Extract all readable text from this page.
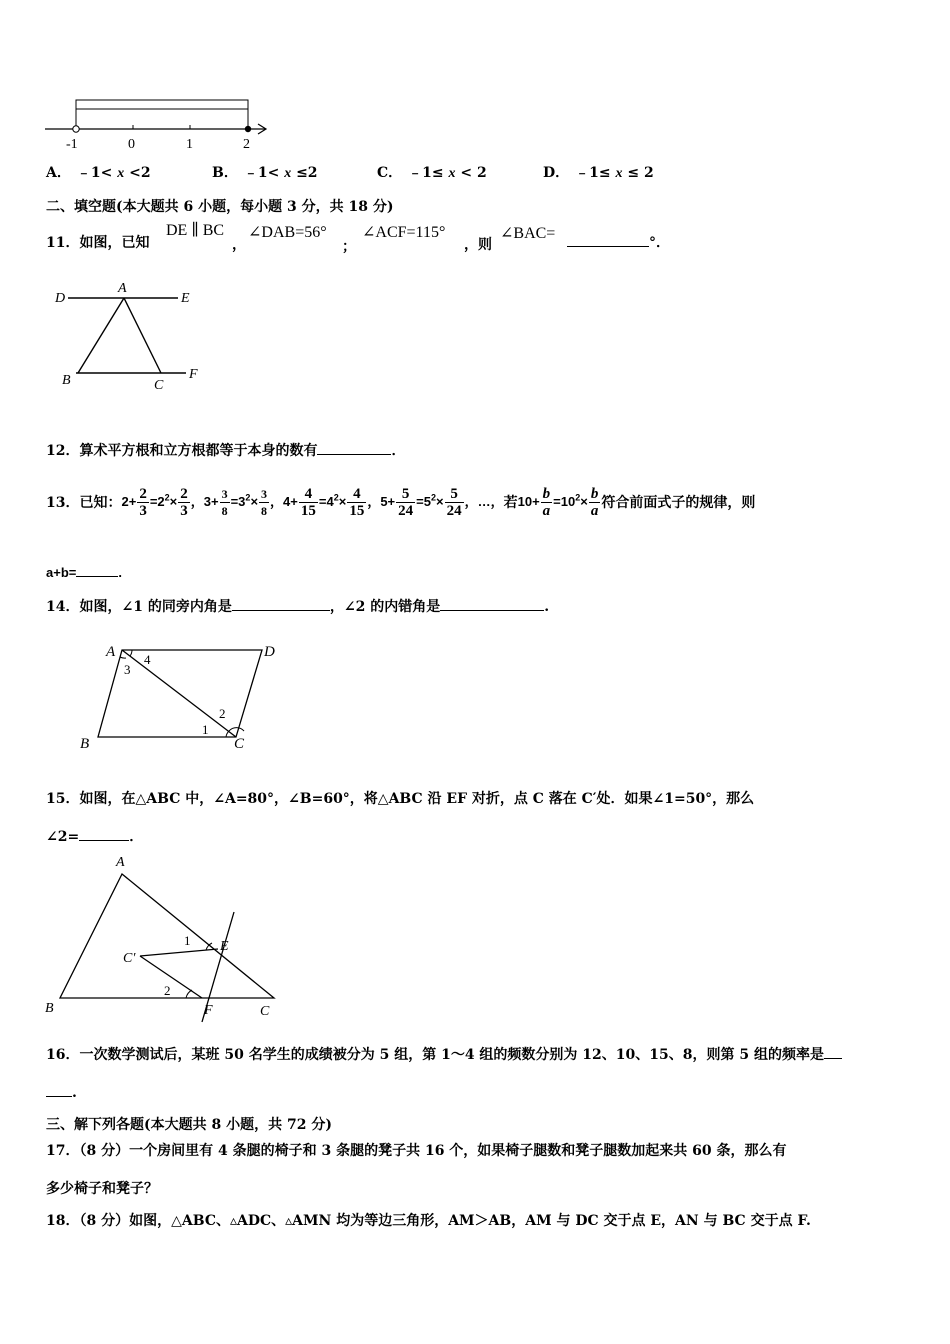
-1	0	1	2
A． ﹣1< x <2	B． ﹣1< x ≤2	C． ﹣1≤ x < 2	D． ﹣1≤ x ≤ 2
二、填空题(本大题共 6 小题，每小题 3 分，共 18 分)
11．如图，已知
DE ∥ BC
，
∠DAB=56°
；
∠ACF=115°
，则
∠BAC=
°．
D
A
E
B	C
F
12．算术平方根和立方根都等于本身的数有	．
13． 已知： $2+ \frac{2}{3} =2^2\times \frac{2}{3}$ ， $3+ \frac{3}{8} =3^2\times \frac{3}{8}$ ， $4+ \frac{4}{15} =4^2\times \frac{4}{15}$ ， $5+ \frac{5}{24} =5^2\times \frac{5}{24}$ ，…， 若 $10+ \frac{b}{a} =10^2\times \frac{b}{a}$ 符合前面式子的规律，则
a+b=	.
14．如图，∠1 的同旁内角是	，∠2 的内错角是	.
A	D
B	C
1
2
3
4
15．如图，在△ABC 中，∠A=80°，∠B=60°，将△ABC 沿 EF 对折，点 C 落在 C′处．如果∠1=50°，那么
∠2=	．
A
B	C
C′
E
F
1
2
16．一次数学测试后，某班 50 名学生的成绩被分为 5 组，第 1～4 组的频数分别为 12、10、15、8，则第 5 组的频率是
.
三、解下列各题(本大题共 8 小题，共 72 分)
17．（8 分）一个房间里有 4 条腿的椅子和 3 条腿的凳子共 16 个，如果椅子腿数和凳子腿数加起来共 60 条，那么有
多少椅子和凳子？
18．（8 分）如图，△ABC、▵ADC、▵AMN 均为等边三角形，AM＞AB，AM 与 DC 交于点 E，AN 与 BC 交于点 F.
